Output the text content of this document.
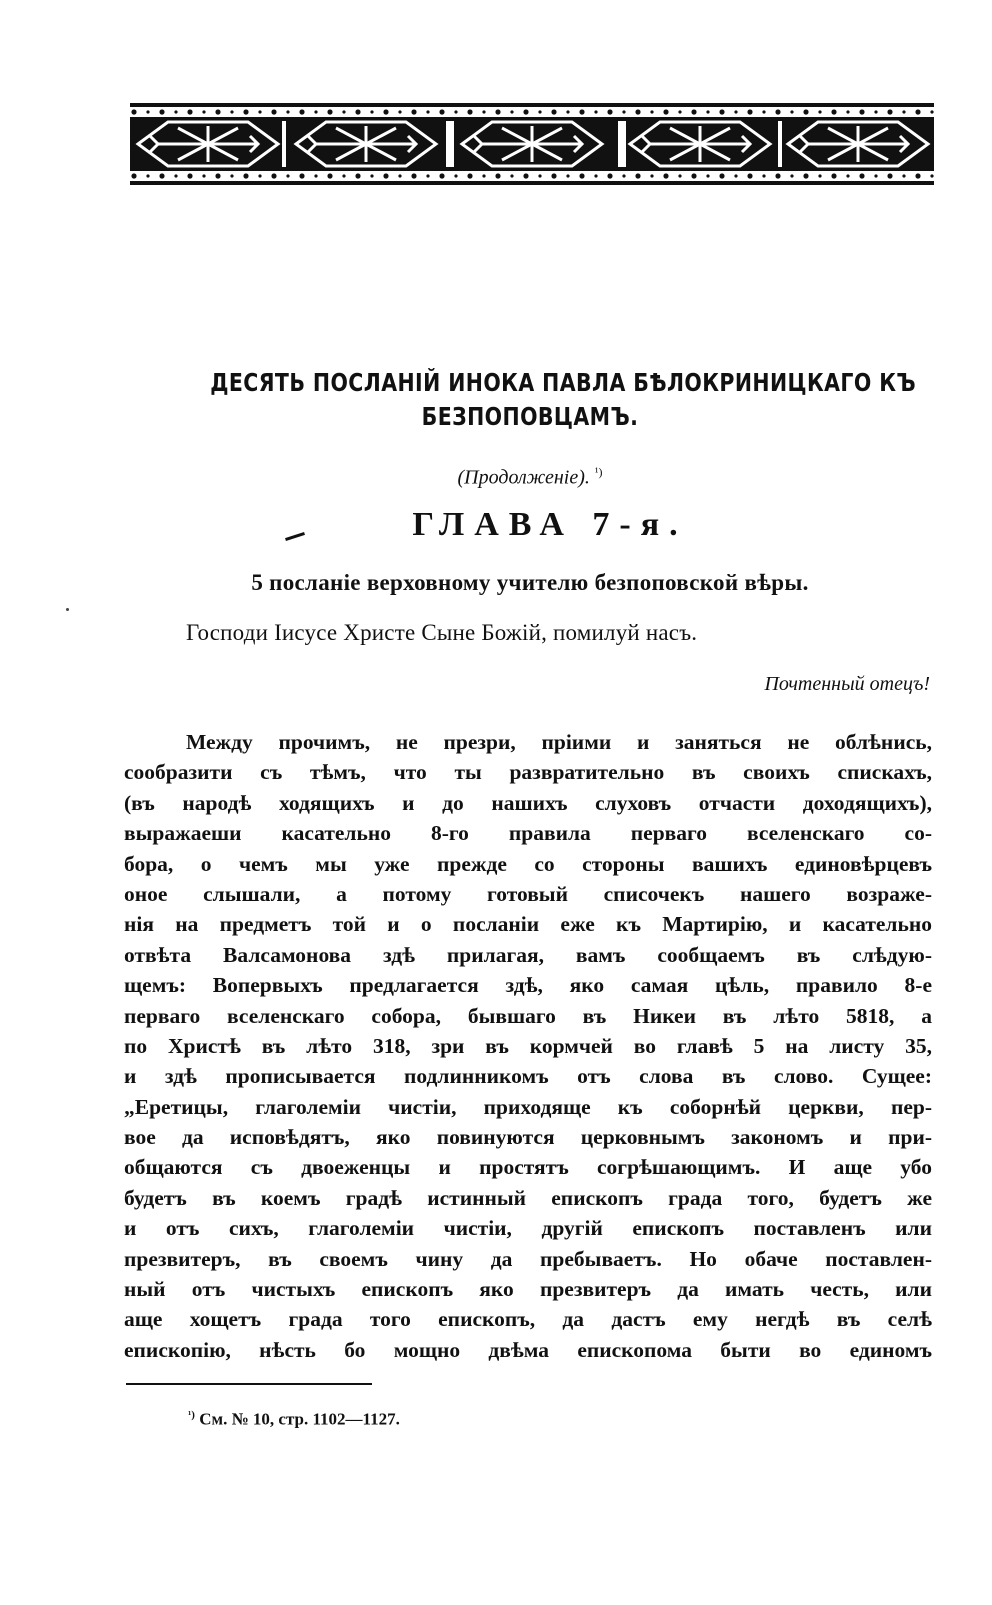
ДЕСЯТЬ ПОСЛАНІЙ ИНОКА ПАВЛА БѢЛОКРИНИЦКАГО КЪ
БЕЗПОПОВЦАМЪ.
(Продолженіе). $^{^1)}$
ГЛАВА 7-я.
5 посланіе верховному учителю безпоповской вѣры.
Господи Іисусе Христе Сыне Божій, помилуй насъ.
Почтенный отецъ!
Между прочимъ, не презри, пріими и заняться не облѣнись,
сообразити съ тѣмъ, что ты развратительно въ своихъ спискахъ,
(въ народѣ ходящихъ и до нашихъ слуховъ отчасти доходящихъ),
выражаеши касательно 8-го правила перваго вселенскаго со-
бора, о чемъ мы уже прежде со стороны вашихъ единовѣрцевъ
оное слышали, а потому готовый списочекъ нашего возраже-
нія на предметъ той и о посланіи еже къ Мартирію, и касательно
отвѣта Валсамонова здѣ прилагая, вамъ сообщаемъ въ слѣдую-
щемъ: Вопервыхъ предлагается здѣ, яко самая цѣль, правило 8-е
перваго вселенскаго собора, бывшаго въ Никеи въ лѣто 5818, а
по Христѣ въ лѣто 318, зри въ кормчей во главѣ 5 на листу 35,
и здѣ прописывается подлинникомъ отъ слова въ слово. Сущее:
„Еретицы, глаголеміи чистіи, приходяще къ соборнѣй церкви, пер-
вое да исповѣдятъ, яко повинуются церковнымъ закономъ и при-
общаются съ двоеженцы и простятъ согрѣшающимъ. И аще убо
будетъ въ коемъ градѣ истинный епископъ града того, будетъ же
и отъ сихъ, глаголеміи чистіи, другій епископъ поставленъ или
презвитеръ, въ своемъ чину да пребываетъ. Но обаче поставлен-
ный отъ чистыхъ епископъ яко презвитеръ да имать честь, или
аще хощетъ града того епископъ, да дастъ ему негдѣ въ селѣ
епископію, нѣсть бо мощно двѣма епископома быти во единомъ
$^{^1)}$ См. № 10, стр. 1102—1127.
